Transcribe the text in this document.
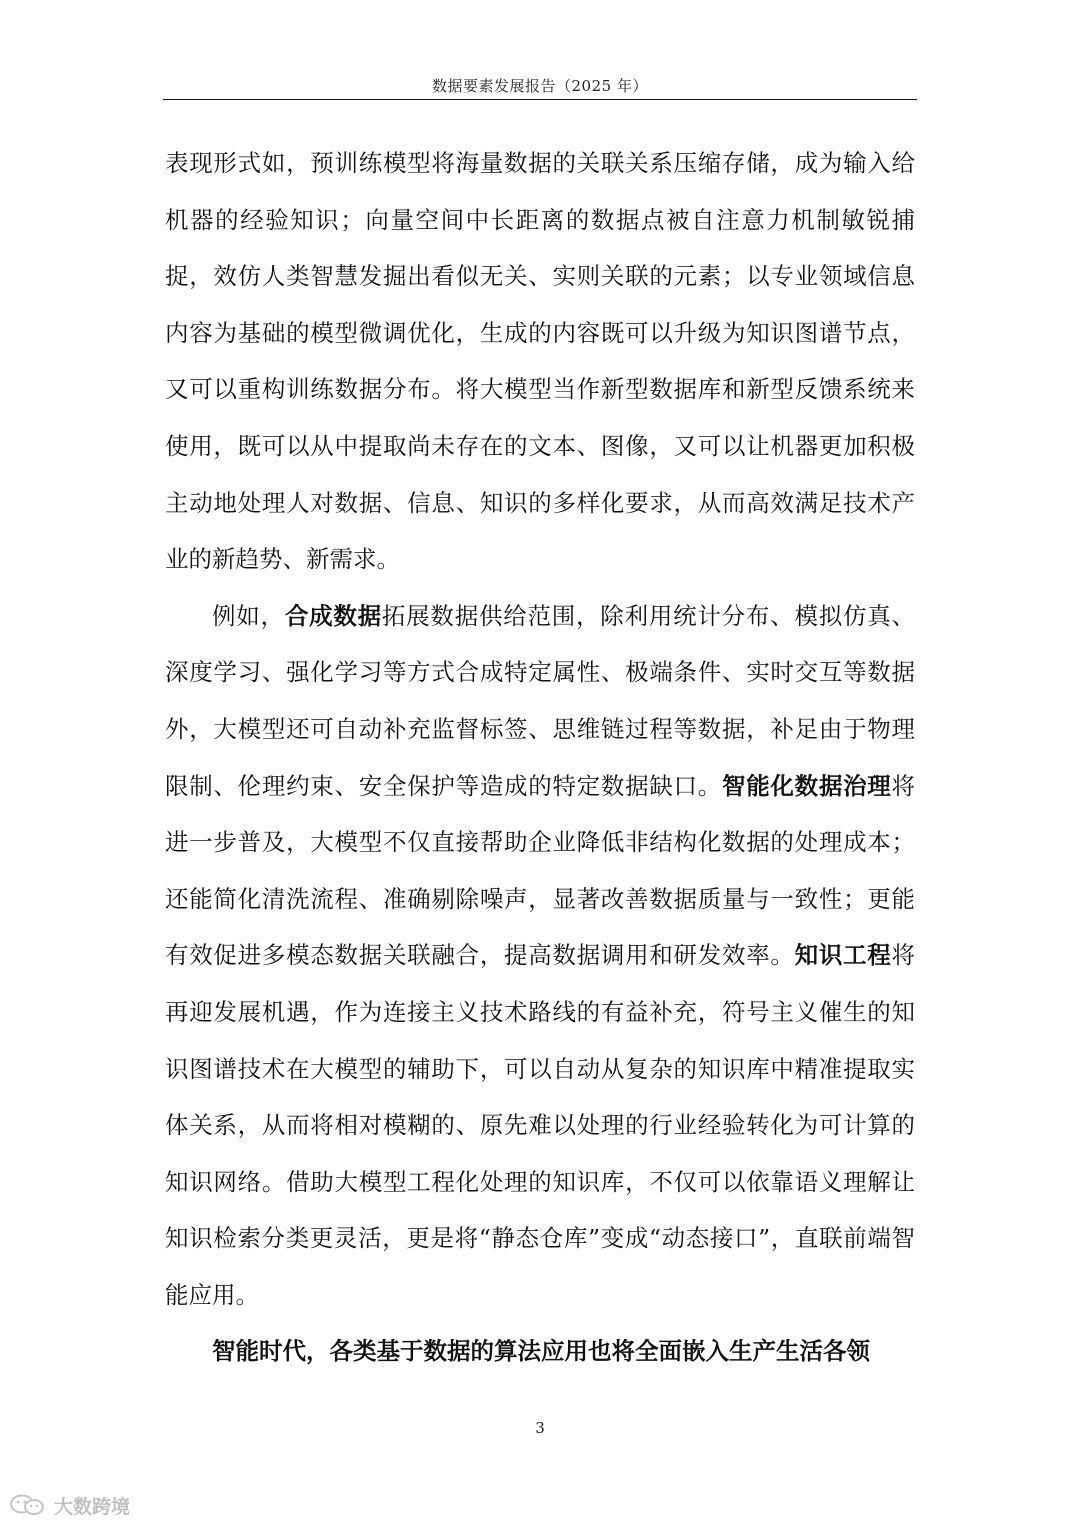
数据要素发展报告（2025 年）

表现形式如，预训练模型将海量数据的关联关系压缩存储，成为输入给机器的经验知识；向量空间中长距离的数据点被自注意力机制敏锐捕捉，效仿人类智慧发掘出看似无关、实则关联的元素；以专业领域信息内容为基础的模型微调优化，生成的内容既可以升级为知识图谱节点，又可以重构训练数据分布。将大模型当作新型数据库和新型反馈系统来使用，既可以从中提取尚未存在的文本、图像，又可以让机器更加积极主动地处理人对数据、信息、知识的多样化要求，从而高效满足技术产业的新趋势、新需求。

例如，合成数据拓展数据供给范围，除利用统计分布、模拟仿真、深度学习、强化学习等方式合成特定属性、极端条件、实时交互等数据外，大模型还可自动补充监督标签、思维链过程等数据，补足由于物理限制、伦理约束、安全保护等造成的特定数据缺口。智能化数据治理将进一步普及，大模型不仅直接帮助企业降低非结构化数据的处理成本；还能简化清洗流程、准确剔除噪声，显著改善数据质量与一致性；更能有效促进多模态数据关联融合，提高数据调用和研发效率。知识工程将再迎发展机遇，作为连接主义技术路线的有益补充，符号主义催生的知识图谱技术在大模型的辅助下，可以自动从复杂的知识库中精准提取实体关系，从而将相对模糊的、原先难以处理的行业经验转化为可计算的知识网络。借助大模型工程化处理的知识库，不仅可以依靠语义理解让知识检索分类更灵活，更是将“静态仓库”变成“动态接口”，直联前端智能应用。

智能时代，各类基于数据的算法应用也将全面嵌入生产生活各领

3
大数跨境
